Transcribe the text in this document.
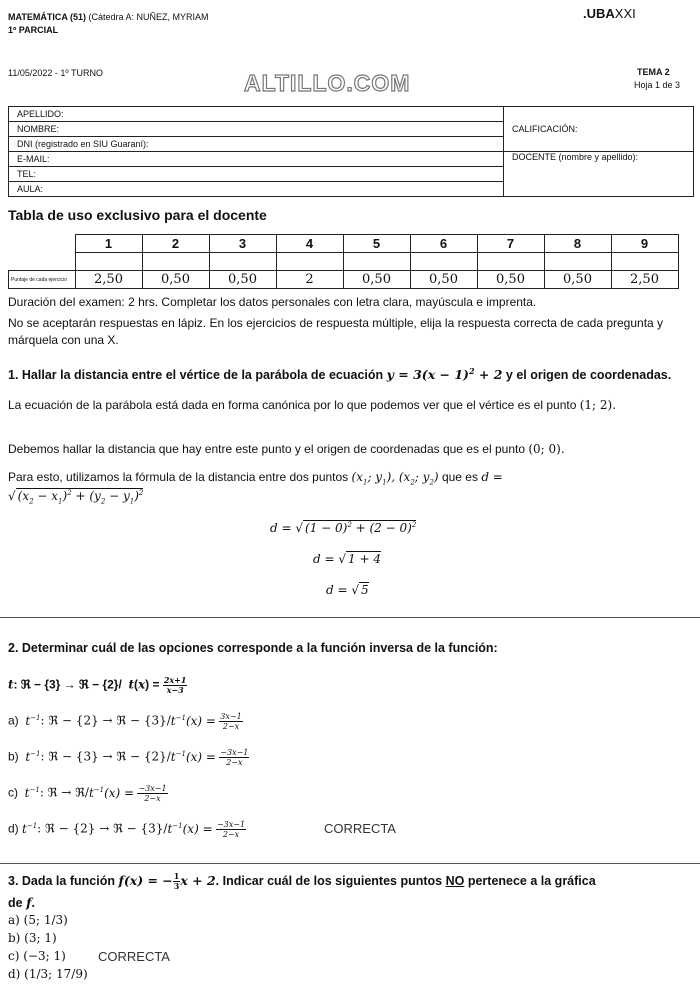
MATEMÁTICA (51) (Cátedra A: NUÑEZ, MYRIAM
1º PARCIAL
.UBAXXI
11/05/2022 - 1º TURNO	ALTILLO.COM	TEMA 2
Hoja 1 de 3
APELLIDO:	CALIFICACIÓN:
NOMBRE:	
DNI (registrado en SIU Guaraní):	
E-MAIL:	DOCENTE (nombre y apellido):
TEL:	
AULA:	
Tabla de uso exclusivo para el docente
	1	2	3	4	5	6	7	8	9

Puntaje de cada ejercicio	2,50	0,50	0,50	2	0,50	0,50	0,50	0,50	2,50
Duración del examen: 2 hrs. Completar los datos personales con letra clara, mayúscula e imprenta.
No se aceptarán respuestas en lápiz. En los ejercicios de respuesta múltiple, elija la respuesta correcta de cada pregunta y márquela con una X.
1. Hallar la distancia entre el vértice de la parábola de ecuación $y = 3(x - 1)^2 + 2$ y el origen de coordenadas.
La ecuación de la parábola está dada en forma canónica por lo que podemos ver que el vértice es el punto (1; 2).
Debemos hallar la distancia que hay entre este punto y el origen de coordenadas que es el punto (0; 0).
Para esto, utilizamos la fórmula de la distancia entre dos puntos ($x_1$; $y_1$), ($x_2$; $y_2$) que es d =
√ $(x_2 - x_1)^2 + (y_2 - y_1)^2$
d = √ $(1 - 0)^2 + (2 - 0)^2$
d = √ 1 + 4
d = √ 5
2. Determinar cuál de las opciones corresponde a la función inversa de la función:
t: ℜ − {3} → ℜ − {2}/  $t(x) = \frac{2x+1}{x-3}$
a)  $t^{-1}$: ℜ − {2} → ℜ − $\{3\}/t^{-1}(x) = \frac{3x-1}{2-x}$
b)  $t^{-1}$: ℜ − {3} → ℜ − $\{2\}/t^{-1}(x) = \frac{-3x-1}{2-x}$
c)  $t^{-1}$: ℜ → $ℜ/t^{-1}(x) = \frac{-3x-1}{2-x}$
d) $t^{-1}$: ℜ − {2} → ℜ − $\{3\}/t^{-1}(x) = \frac{-3x-1}{2-x}$	CORRECTA
3. Dada la función f(x) = − $\frac{1}{3}$ x + 2. Indicar cuál de los siguientes puntos NO pertenece a la gráfica
de f.
a) (5; 1/3)
b) (3; 1)
c) (−3; 1) CORRECTA
d) (1/3; 17/9)
